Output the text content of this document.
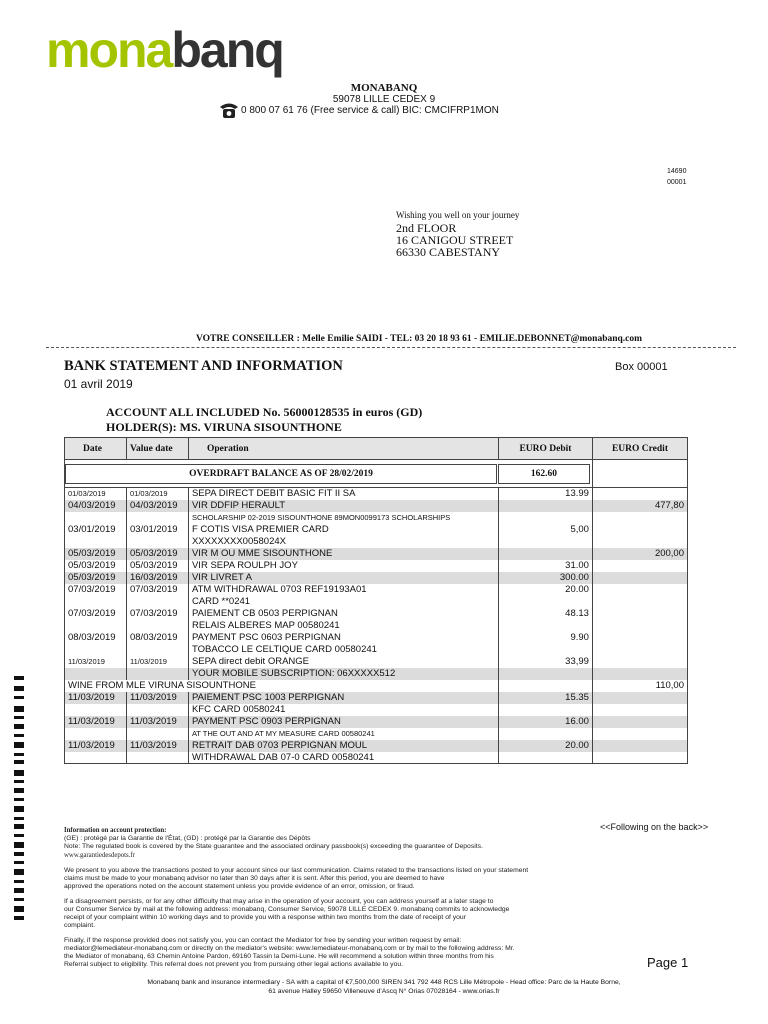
monabanq
MONABANQ
59078 LILLE CEDEX 9
0 800 07 61 76 (Free service & call) BIC: CMCIFRP1MON
14690
00001
Wishing you well on your journey
2nd FLOOR
16 CANIGOU STREET
66330 CABESTANY
VOTRE CONSEILLER : Melle Emilie SAIDI - TEL: 03 20 18 93 61 - EMILIE.DEBONNET@monabanq.com
BANK STATEMENT AND INFORMATION
01 avril 2019
Box 00001
ACCOUNT ALL INCLUDED No. 56000128535 in euros (GD)
HOLDER(S): MS. VIRUNA SISOUNTHONE
Date	Value date	Operation	EURO Debit	EURO Credit

OVERDRAFT BALANCE AS OF 28/02/2019 162.60				

01/03/2019	01/03/2019	SEPA DIRECT DEBIT BASIC FIT II SA	13.99	
04/03/2019	04/03/2019	VIR DDFIP HERAULT		477,80
		SCHOLARSHIP 02-2019 SISOUNTHONE 89MON0099173 SCHOLARSHIPS		
03/01/2019	03/01/2019	F COTIS VISA PREMIER CARD	5,00	
		XXXXXXXX0058024X		
05/03/2019	05/03/2019	VIR M OU MME SISOUNTHONE		200,00
05/03/2019	05/03/2019	VIR SEPA ROULPH JOY	31.00	
05/03/2019	16/03/2019	VIR LIVRET A	300.00	
07/03/2019	07/03/2019	ATM WITHDRAWAL 0703 REF19193A01	20.00	
		CARD **0241		
07/03/2019	07/03/2019	PAIEMENT CB 0503 PERPIGNAN	48.13	
		RELAIS ALBERES MAP 00580241		
08/03/2019	08/03/2019	PAYMENT PSC 0603 PERPIGNAN	9.90	
		TOBACCO LE CELTIQUE CARD 00580241		
11/03/2019	11/03/2019	SEPA direct debit ORANGE	33,99	
		YOUR MOBILE SUBSCRIPTION: 06XXXXX512		
WINE FROM MLE VIRUNA SISOUNTHONE				110,00
11/03/2019	11/03/2019	PAIEMENT PSC 1003 PERPIGNAN	15.35	
		KFC CARD 00580241		
11/03/2019	11/03/2019	PAYMENT PSC 0903 PERPIGNAN	16.00	
		AT THE OUT AND AT MY MEASURE CARD 00580241		
11/03/2019	11/03/2019	RETRAIT DAB 0703 PERPIGNAN MOUL	20.00	
		WITHDRAWAL DAB 07-0 CARD 00580241		
<<Following on the back>>
Information on account protection:
(GE) : protégé par la Garantie de l'État, (GD) : protégé par la Garantie des Dépôts
Note: The regulated book is covered by the State guarantee and the associated ordinary passbook(s) exceeding the guarantee of Deposits.
www.garantiedesdepots.fr
We present to you above the transactions posted to your account since our last communication. Claims related to the transactions listed on your statement
claims must be made to your monabanq advisor no later than 30 days after it is sent. After this period, you are deemed to have
approved the operations noted on the account statement unless you provide evidence of an error, omission, or fraud.
If a disagreement persists, or for any other difficulty that may arise in the operation of your account, you can address yourself at a later stage to
our Consumer Service by mail at the following address: monabanq, Consumer Service, 59078 LILLE CEDEX 9. monabanq commits to acknowledge
receipt of your complaint within 10 working days and to provide you with a response within two months from the date of receipt of your
complaint.
Finally, if the response provided does not satisfy you, you can contact the Mediator for free by sending your written request by email:
mediator@lemediateur-monabanq.com or directly on the mediator's website: www.lemediateur-monabanq.com or by mail to the following address: Mr.
the Mediator of monabanq, 63 Chemin Antoine Pardon, 69160 Tassin la Demi-Lune. He will recommend a solution within three months from his
Referral subject to eligibility. This referral does not prevent you from pursuing other legal actions available to you.	Page 1
Monabanq bank and insurance intermediary - SA with a capital of €7,500,000 SIREN 341 792 448 RCS Lille Métropole - Head office: Parc de la Haute Borne,
61 avenue Halley 59650 Villeneuve d'Ascq N° Orias 07028164 - www.orias.fr
